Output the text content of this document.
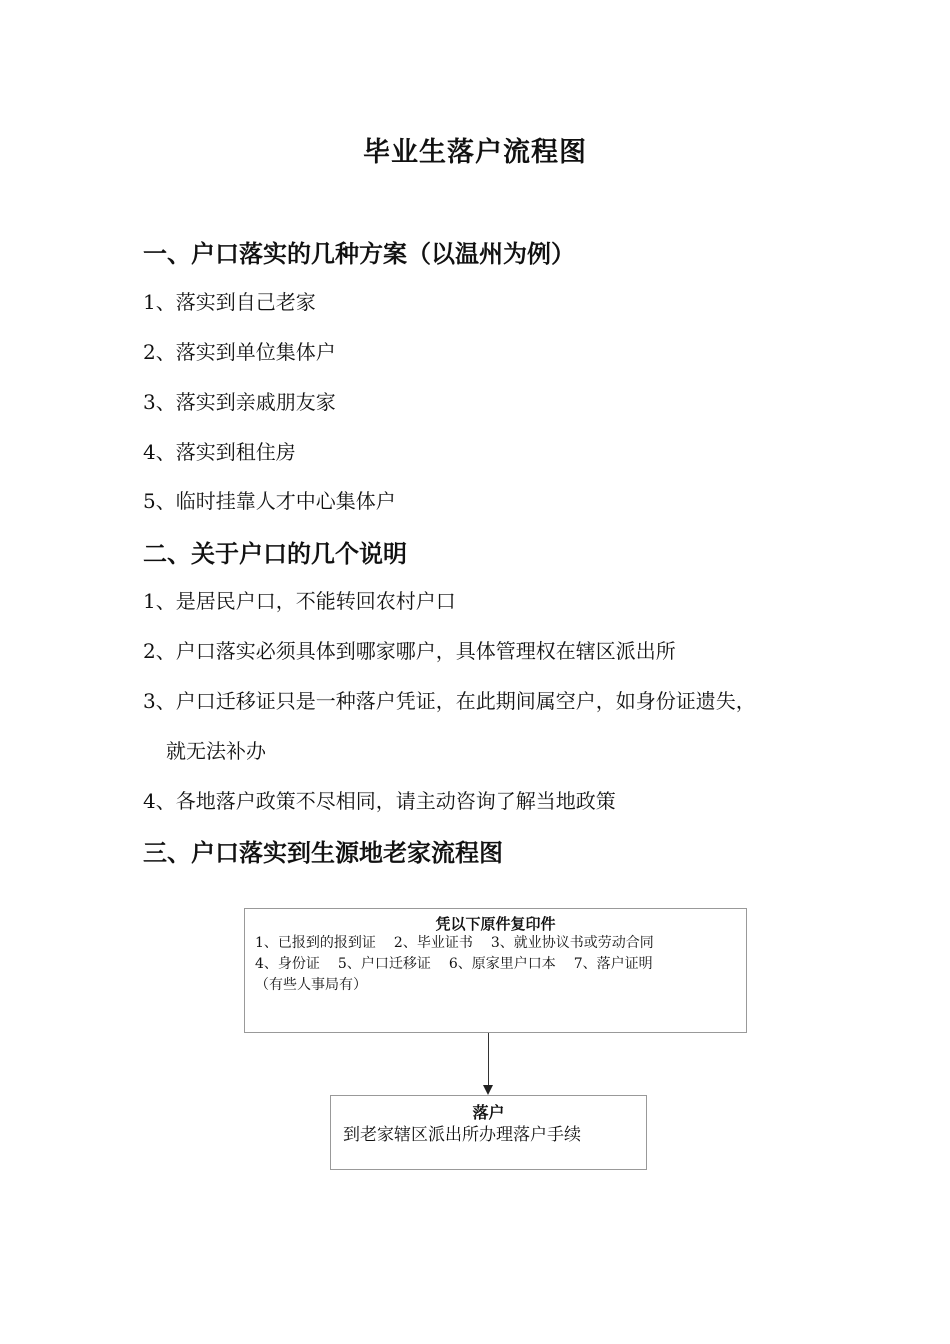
毕业生落户流程图
一、户口落实的几种方案（以温州为例）
1、落实到自己老家
2、落实到单位集体户
3、落实到亲戚朋友家
4、落实到租住房
5、临时挂靠人才中心集体户
二、关于户口的几个说明
1、是居民户口，不能转回农村户口
2、户口落实必须具体到哪家哪户，具体管理权在辖区派出所
3、户口迁移证只是一种落户凭证，在此期间属空户，如身份证遗失，
就无法补办
4、各地落户政策不尽相同，请主动咨询了解当地政策
三、户口落实到生源地老家流程图
凭以下原件复印件
1、已报到的报到证 2、毕业证书 3、就业协议书或劳动合同
4、身份证 5、户口迁移证 6、原家里户口本 7、落户证明
（有些人事局有）
落户
到老家辖区派出所办理落户手续
